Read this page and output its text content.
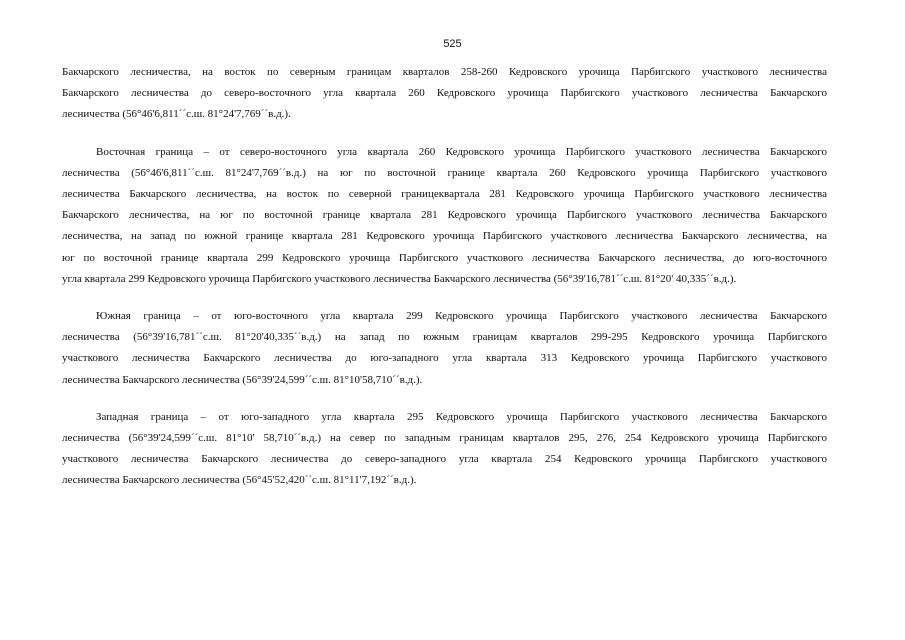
525

Бакчарского лесничества, на восток по северным границам кварталов 258-260 Кедровского урочища Парбигского участкового лесничества
Бакчарского лесничества до северо-восточного угла квартала 260 Кедровского урочища Парбигского участкового лесничества Бакчарского
лесничества (56°46'6,811´´с.ш. 81°24'7,769´´в.д.).

Восточная граница – от северо-восточного угла квартала 260 Кедровского урочища Парбигского участкового лесничества Бакчарского
лесничества (56°46'6,811´´с.ш. 81°24'7,769´´в.д.) на юг по восточной границе квартала 260 Кедровского урочища Парбигского участкового
лесничества Бакчарского лесничества, на восток по северной границеквартала 281 Кедровского урочища Парбигского участкового лесничества
Бакчарского лесничества, на юг по восточной границе квартала 281 Кедровского урочища Парбигского участкового лесничества Бакчарского
лесничества, на запад по южной границе квартала 281 Кедровского урочища Парбигского участкового лесничества Бакчарского лесничества, на
юг по восточной границе квартала 299 Кедровского урочища Парбигского участкового лесничества Бакчарского лесничества, до юго-восточного
угла квартала 299 Кедровского урочища Парбигского участкового лесничества Бакчарского лесничества (56°39'16,781´´с.ш. 81°20' 40,335´´в.д.).

Южная граница – от юго-восточного угла квартала 299 Кедровского урочища Парбигского участкового лесничества Бакчарского
лесничества (56°39'16,781´´с.ш. 81°20'40,335´´в.д.) на запад по южным границам кварталов 299-295 Кедровского урочища Парбигского
участкового лесничества Бакчарского лесничества до юго-западного угла квартала 313 Кедровского урочища Парбигского участкового
лесничества Бакчарского лесничества (56°39'24,599´´с.ш. 81°10'58,710´´в.д.).

Западная граница – от юго-западного угла квартала 295 Кедровского урочища Парбигского участкового лесничества Бакчарского
лесничества (56°39'24,599´´с.ш. 81°10' 58,710´´в.д.) на север по западным границам кварталов 295, 276, 254 Кедровского урочища Парбигского
участкового лесничества Бакчарского лесничества до северо-западного угла квартала 254 Кедровского урочища Парбигского участкового
лесничества Бакчарского лесничества (56°45'52,420´´с.ш. 81°11'7,192´´в.д.).
